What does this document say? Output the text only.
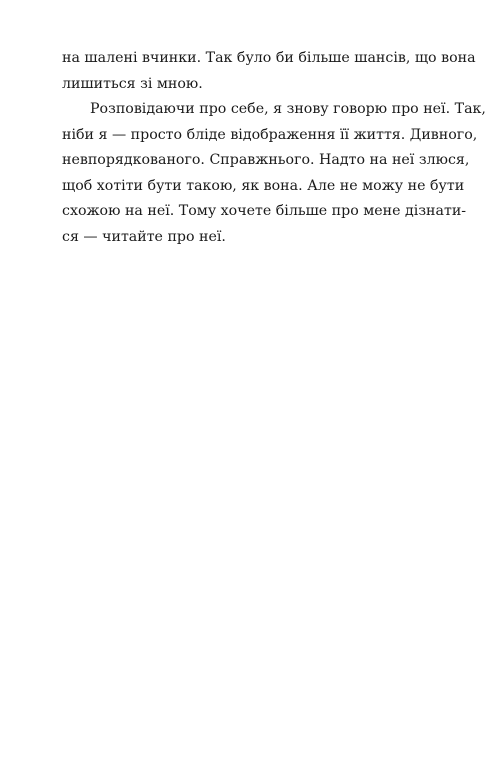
на шалені вчинки. Так було би більше шансів, що вона
лишиться зі мною.
Розповідаючи про себе, я знову говорю про неї. Так,
ніби я — просто бліде відображення її життя. Дивного,
невпорядкованого. Справжнього. Надто на неї злюся,
щоб хотіти бути такою, як вона. Але не можу не бути
схожою на неї. Тому хочете більше про мене дізнати-
ся — читайте про неї.
